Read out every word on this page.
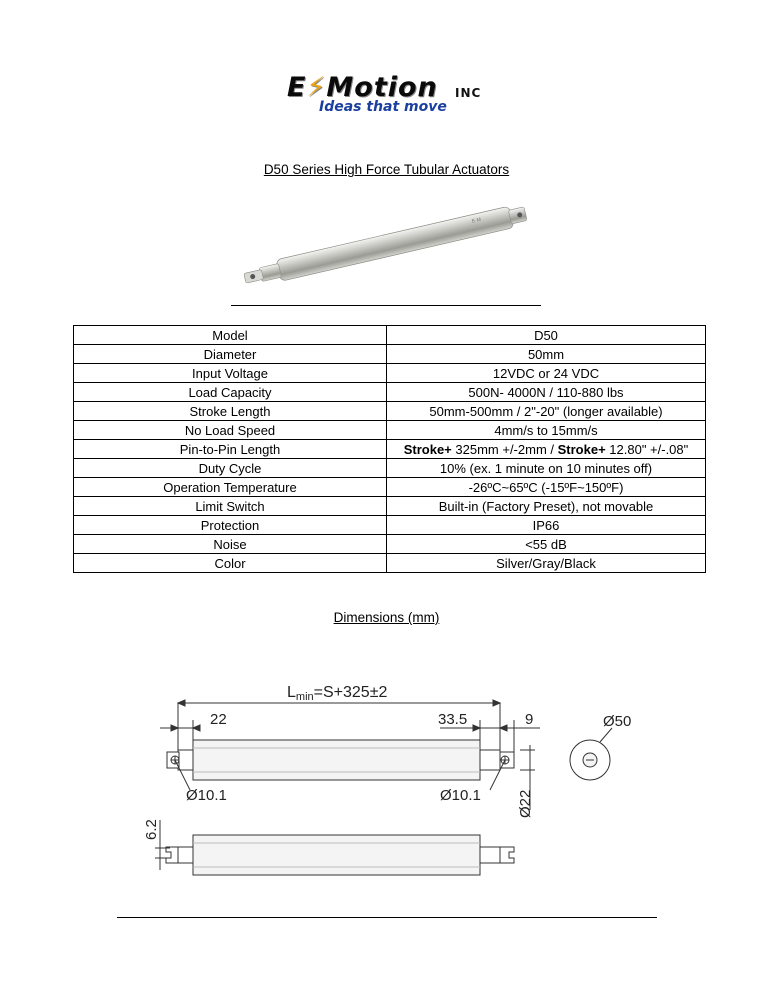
E⚡Motion INC
Ideas that move
D50 Series High Force Tubular Actuators
E·M
Model	D50
Diameter	50mm
Input Voltage	12VDC or 24 VDC
Load Capacity	500N- 4000N / 110-880 lbs
Stroke Length	50mm-500mm / 2"-20" (longer available)
No Load Speed	4mm/s to 15mm/s
Pin-to-Pin Length	Stroke+ 325mm +/-2mm / Stroke+ 12.80" +/-.08"
Duty Cycle	10% (ex. 1 minute on 10 minutes off)
Operation Temperature	-26ºC~65ºC (-15ºF~150ºF)
Limit Switch	Built-in (Factory Preset), not movable
Protection	IP66
Noise	<55 dB
Color	Silver/Gray/Black
Dimensions (mm)
Lmin=S+325±2
22	33.5	9
Ø10.1	Ø10.1 Ø22
Ø50
6.2
